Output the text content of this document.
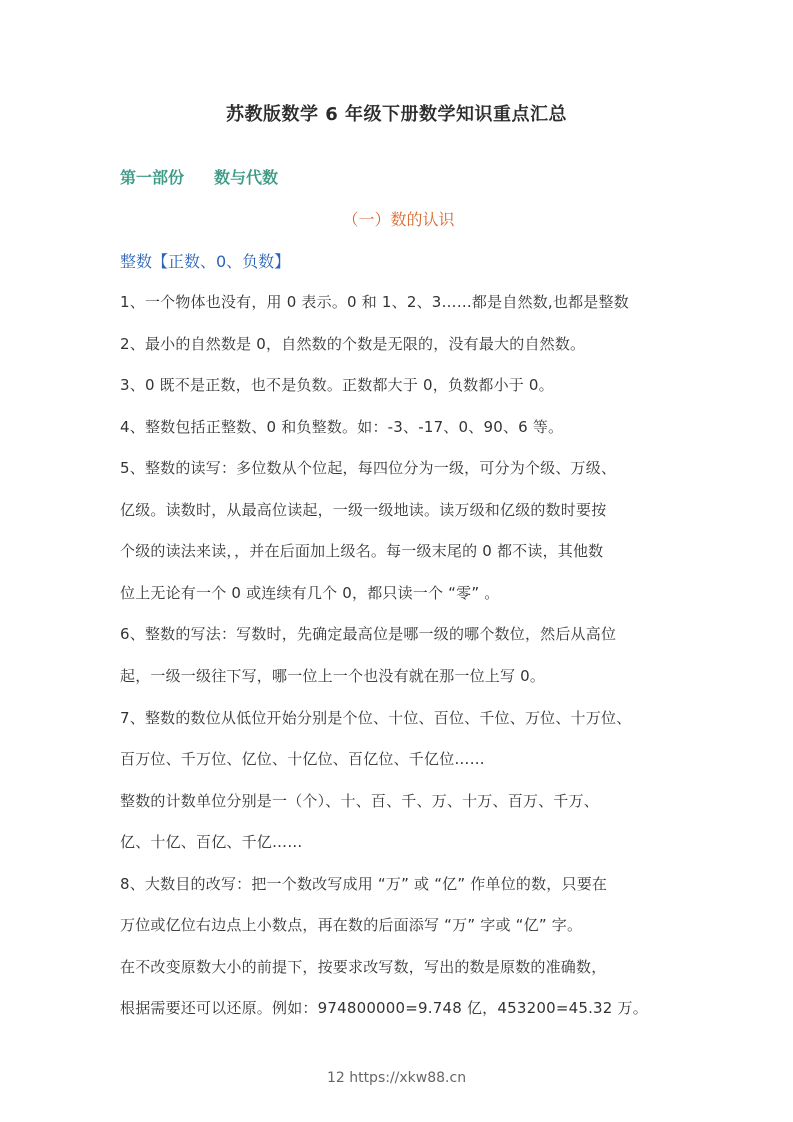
苏教版数学 6 年级下册数学知识重点汇总
第一部份 数与代数
（一）数的认识
整数【正数、0、负数】
1、一个物体也没有，用 0 表示。0 和 1、2、3……都是自然数,也都是整数
2、最小的自然数是 0，自然数的个数是无限的，没有最大的自然数。
3、0 既不是正数，也不是负数。正数都大于 0，负数都小于 0。
4、整数包括正整数、0 和负整数。如：-3、-17、0、90、6 等。
5、整数的读写：多位数从个位起，每四位分为一级，可分为个级、万级、
亿级。读数时，从最高位读起，一级一级地读。读万级和亿级的数时要按
个级的读法来读，，并在后面加上级名。每一级末尾的 0 都不读，其他数
位上无论有一个 0 或连续有几个 0，都只读一个 “零” 。
6、整数的写法：写数时，先确定最高位是哪一级的哪个数位，然后从高位
起，一级一级往下写，哪一位上一个也没有就在那一位上写 0。
7、整数的数位从低位开始分别是个位、十位、百位、千位、万位、十万位、
百万位、千万位、亿位、十亿位、百亿位、千亿位……
整数的计数单位分别是一（个）、十、百、千、万、十万、百万、千万、
亿、十亿、百亿、千亿……
8、大数目的改写：把一个数改写成用 “万” 或 “亿” 作单位的数，只要在
万位或亿位右边点上小数点，再在数的后面添写 “万” 字或 “亿” 字。
在不改变原数大小的前提下，按要求改写数，写出的数是原数的准确数，
根据需要还可以还原。例如：974800000=9.748 亿，453200=45.32 万。
12 https://xkw88.cn
